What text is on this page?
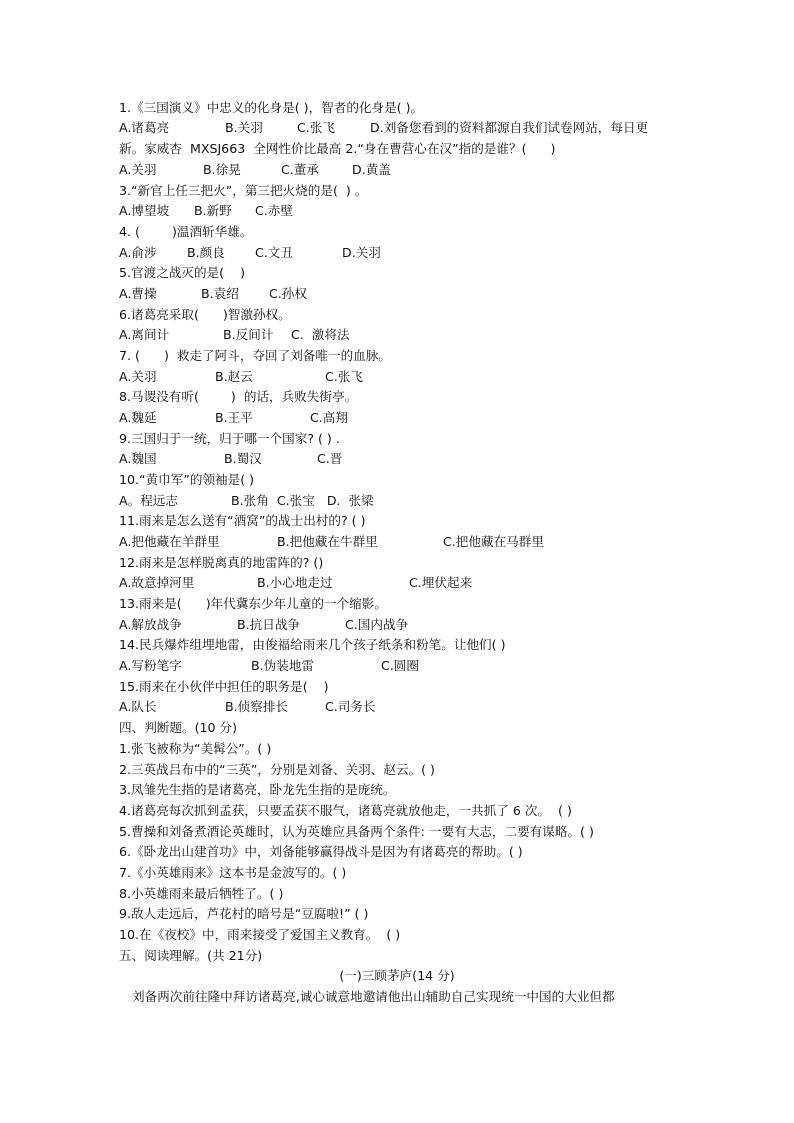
1.《三国演义》中忠义的化身是( )，智者的化身是( )。
A.诸葛亮	B.关羽	C.张飞	D.刘备您看到的资料都源自我们试卷网站，每日更
新。家威杏  MXSJ663  全网性价比最高 2.“身在曹营心在汉”指的是谁？(      )
A.关羽	B.徐晃	C.董承	D.黄盖
3.“新官上任三把火”，第三把火烧的是(  ) 。
A.博望坡 B.新野 C.赤壁
4. (        )温酒斩华雄。
A.俞涉 B.颜良 C.文丑	D.关羽
5.官渡之战灭的是(    )
A.曹操	B.袁绍 C.孙权
6.诸葛亮采取(      )智激孙权。
A.离间计	B.反间计 C.  激将法
7. (      )  救走了阿斗，夺回了刘备唯一的血脉。
A.关羽	B.赵云	C.张飞
8.马谡没有听(        )  的话，兵败失街亭。
A.魏延	B.王平	C.高翔
9.三国归于一统，归于哪一个国家? ( ) .
A.魏国	B.蜀汉	C.晋
10.“黄巾军”的领袖是( )
A。程远志	B.张角  C.张宝   D.  张梁
11.雨来是怎么送有“酒窝”的战士出村的? ( )
A.把他藏在羊群里	B.把他藏在牛群里	C.把他藏在马群里
12.雨来是怎样脱离真的地雷阵的? ()
A.故意掉河里	B.小心地走过	C.埋伏起来
13.雨来是(      )年代冀东少年儿童的一个缩影。
A.解放战争	B.抗日战争	C.国内战争
14.民兵爆炸组埋地雷，由俊福给雨来几个孩子纸条和粉笔。让他们( )
A.写粉笔字	B.伪装地雷	C.圆圈
15.雨来在小伙伴中担任的职务是(    )
A.队长	B.侦察排长	C.司务长
四、判断题。(10 分)
1.张飞被称为“美髯公”。( )
2.三英战吕布中的“三英”，分别是刘备、关羽、赵云。( )
3.凤雏先生指的是诸葛亮，卧龙先生指的是庞统。
4.诸葛亮每次抓到孟获，只要孟获不服气，诸葛亮就放他走，一共抓了 6 次。  ( )
5.曹操和刘备煮酒论英雄时，认为英雄应具备两个条件: 一要有大志，二要有谋略。( )
6.《卧龙出山建首功》中，刘备能够赢得战斗是因为有诸葛亮的帮助。( )
7.《小英雄雨来》这本书是金波写的。( )
8.小英雄雨来最后牺牲了。( )
9.敌人走远后，芦花村的暗号是“豆腐啦!” ( )
10.在《夜校》中，雨来接受了爱国主义教育。  ( )
五、阅读理解。(共 21分)
(一)三顾茅庐(14 分)
刘备两次前往隆中拜访诸葛亮,诚心诚意地邀请他出山辅助自己实现统一中国的大业但都
